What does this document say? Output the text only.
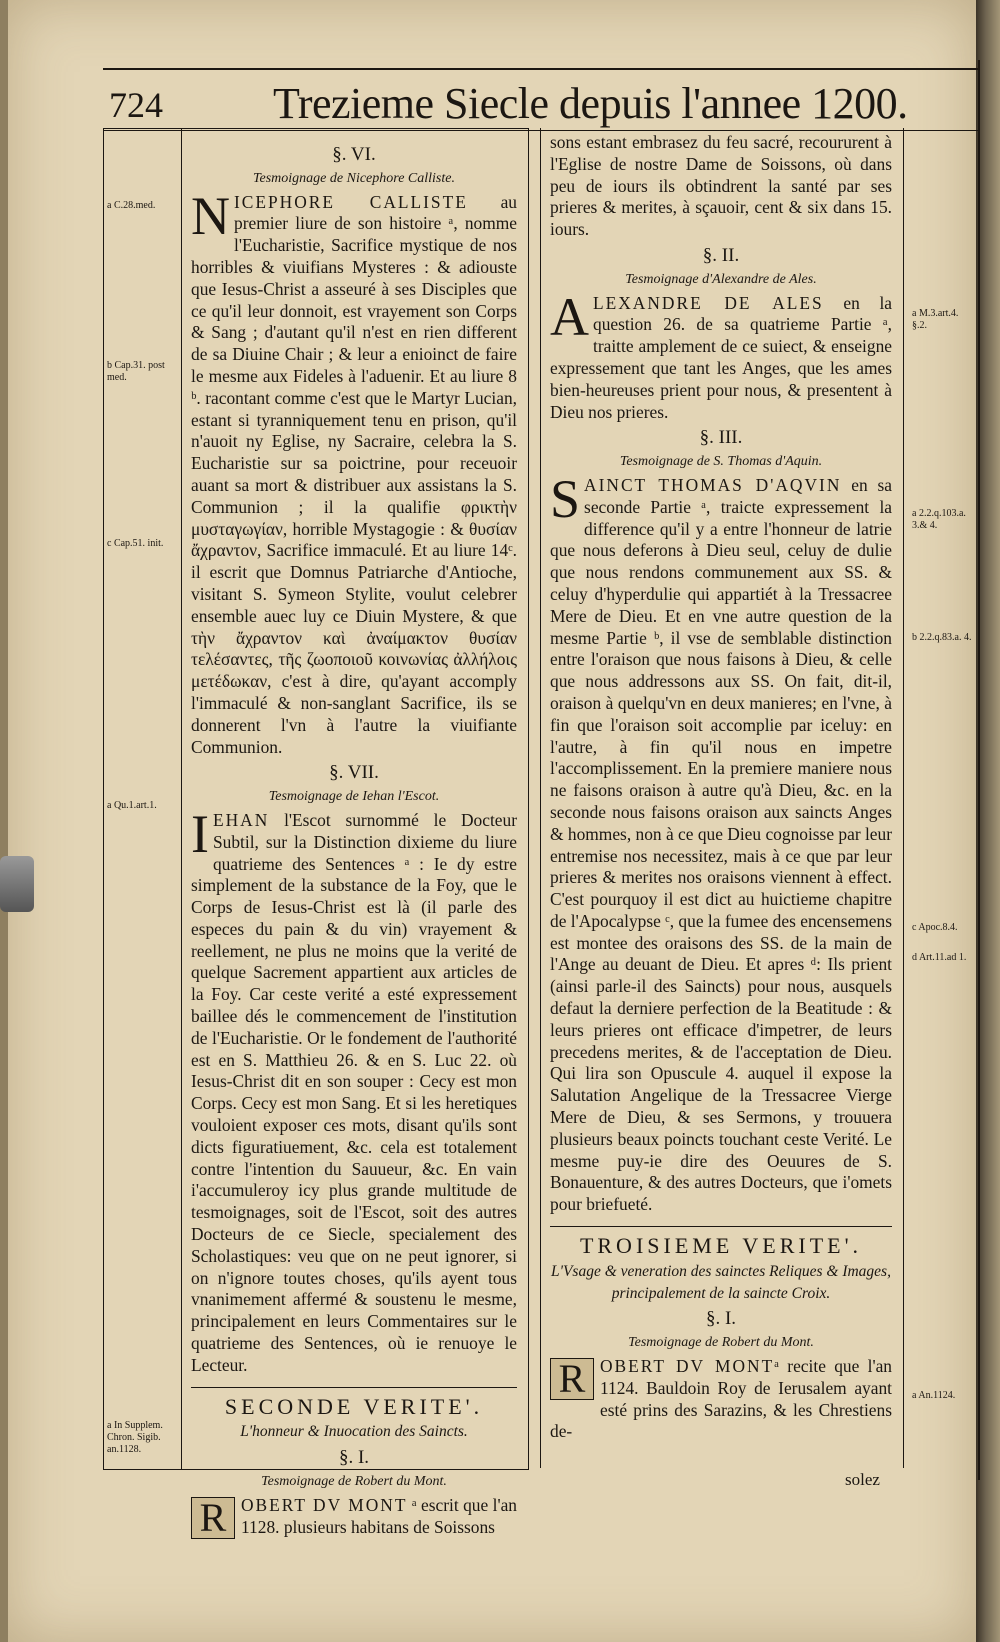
724	Trezieme Siecle depuis l'annee 1200.
a C.28.med.
b Cap.31. post med.
c Cap.51. init.
a Qu.1.art.1.
a In Supplem. Chron. Sigib. an.1128.
a M.3.art.4. §.2.
a 2.2.q.103.a. 3.& 4.
b 2.2.q.83.a. 4.
c Apoc.8.4.
d Art.11.ad 1.
a An.1124.
§. VI.
Tesmoignage de Nicephore Calliste.

NICEPHORE CALLISTE au premier liure de son histoire ᵃ, nomme l'Eucharistie, Sacrifice mystique de nos horribles & viuifians Mysteres : & adiouste que Iesus-Christ a asseuré à ses Disciples que ce qu'il leur donnoit, est vrayement son Corps & Sang ; d'autant qu'il n'est en rien different de sa Diuine Chair ; & leur a enioinct de faire le mesme aux Fideles à l'aduenir. Et au liure 8 ᵇ. racontant comme c'est que le Martyr Lucian, estant si tyranniquement tenu en prison, qu'il n'auoit ny Eglise, ny Sacraire, celebra la S. Eucharistie sur sa poictrine, pour receuoir auant sa mort & distribuer aux assistans la S. Communion ; il la qualifie φρικτὴν μυσταγωγίαν, horrible Mystagogie : & θυσίαν ἄχραντον, Sacrifice immaculé. Et au liure 14ᶜ. il escrit que Domnus Patriarche d'Antioche, visitant S. Symeon Stylite, voulut celebrer ensemble auec luy ce Diuin Mystere, & que τὴν ἄχραντον καὶ ἀναίμακτον θυσίαν τελέσαντες, τῆς ζωοποιοῦ κοινωνίας ἀλλήλοις μετέδωκαν, c'est à dire, qu'ayant accomply l'immaculé & non-sanglant Sacrifice, ils se donnerent l'vn à l'autre la viuifiante Communion.

§. VII.
Tesmoignage de Iehan l'Escot.

IEHAN l'Escot surnommé le Docteur Subtil, sur la Distinction dixieme du liure quatrieme des Sentences ᵃ : Ie dy estre simplement de la substance de la Foy, que le Corps de Iesus-Christ est là (il parle des especes du pain & du vin) vrayement & reellement, ne plus ne moins que la verité de quelque Sacrement appartient aux articles de la Foy. Car ceste verité a esté expressement baillee dés le commencement de l'institution de l'Eucharistie. Or le fondement de l'authorité est en S. Matthieu 26. & en S. Luc 22. où Iesus-Christ dit en son souper : Cecy est mon Corps. Cecy est mon Sang. Et si les heretiques vouloient exposer ces mots, disant qu'ils sont dicts figuratiuement, &c. cela est totalement contre l'intention du Sauueur, &c. En vain i'accumuleroy icy plus grande multitude de tesmoignages, soit de l'Escot, soit des autres Docteurs de ce Siecle, specialement des Scholastiques: veu que on ne peut ignorer, si on n'ignore toutes choses, qu'ils ayent tous vnanimement affermé & soustenu le mesme, principalement en leurs Commentaires sur le quatrieme des Sentences, où ie renuoye le Lecteur.

SECONDE VERITE'.
L'honneur & Inuocation des Saincts.
§. I.
Tesmoignage de Robert du Mont.

R OBERT DV MONT ᵃ escrit que l'an 1128. plusieurs habitans de Soissons

sons estant embrasez du feu sacré, recoururent à l'Eglise de nostre Dame de Soissons, où dans peu de iours ils obtindrent la santé par ses prieres & merites, à sçauoir, cent & six dans 15. iours.

§. II.
Tesmoignage d'Alexandre de Ales.

ALEXANDRE DE ALES en la question 26. de sa quatrieme Partie ᵃ, traitte amplement de ce suiect, & enseigne expressement que tant les Anges, que les ames bien-heureuses prient pour nous, & presentent à Dieu nos prieres.

§. III.
Tesmoignage de S. Thomas d'Aquin.

SAINCT THOMAS D'AQVIN en sa seconde Partie ᵃ, traicte expressement la difference qu'il y a entre l'honneur de latrie que nous deferons à Dieu seul, celuy de dulie que nous rendons communement aux SS. & celuy d'hyperdulie qui appartiét à la Tressacree Mere de Dieu. Et en vne autre question de la mesme Partie ᵇ, il vse de semblable distinction entre l'oraison que nous faisons à Dieu, & celle que nous addressons aux SS. On fait, dit-il, oraison à quelqu'vn en deux manieres; en l'vne, à fin que l'oraison soit accomplie par iceluy: en l'autre, à fin qu'il nous en impetre l'accomplissement. En la premiere maniere nous ne faisons oraison à autre qu'à Dieu, &c. en la seconde nous faisons oraison aux saincts Anges & hommes, non à ce que Dieu cognoisse par leur entremise nos necessitez, mais à ce que par leur prieres & merites nos oraisons viennent à effect. C'est pourquoy il est dict au huictieme chapitre de l'Apocalypse ᶜ, que la fumee des encensemens est montee des oraisons des SS. de la main de l'Ange au deuant de Dieu. Et apres ᵈ: Ils prient (ainsi parle-il des Saincts) pour nous, ausquels defaut la derniere perfection de la Beatitude : & leurs prieres ont efficace d'impetrer, de leurs precedens merites, & de l'acceptation de Dieu. Qui lira son Opuscule 4. auquel il expose la Salutation Angelique de la Tressacree Vierge Mere de Dieu, & ses Sermons, y trouuera plusieurs beaux poincts touchant ceste Verité. Le mesme puy-ie dire des Oeuures de S. Bonauenture, & des autres Docteurs, que i'omets pour briefueté.

TROISIEME VERITE'.
L'Vsage & veneration des sainctes Reliques & Images, principalement de la saincte Croix.
§. I.
Tesmoignage de Robert du Mont.

R OBERT DV MONTᵃ recite que l'an 1124. Bauldoin Roy de Ierusalem ayant esté prins des Sarazins, & les Chrestiens de-

solez
